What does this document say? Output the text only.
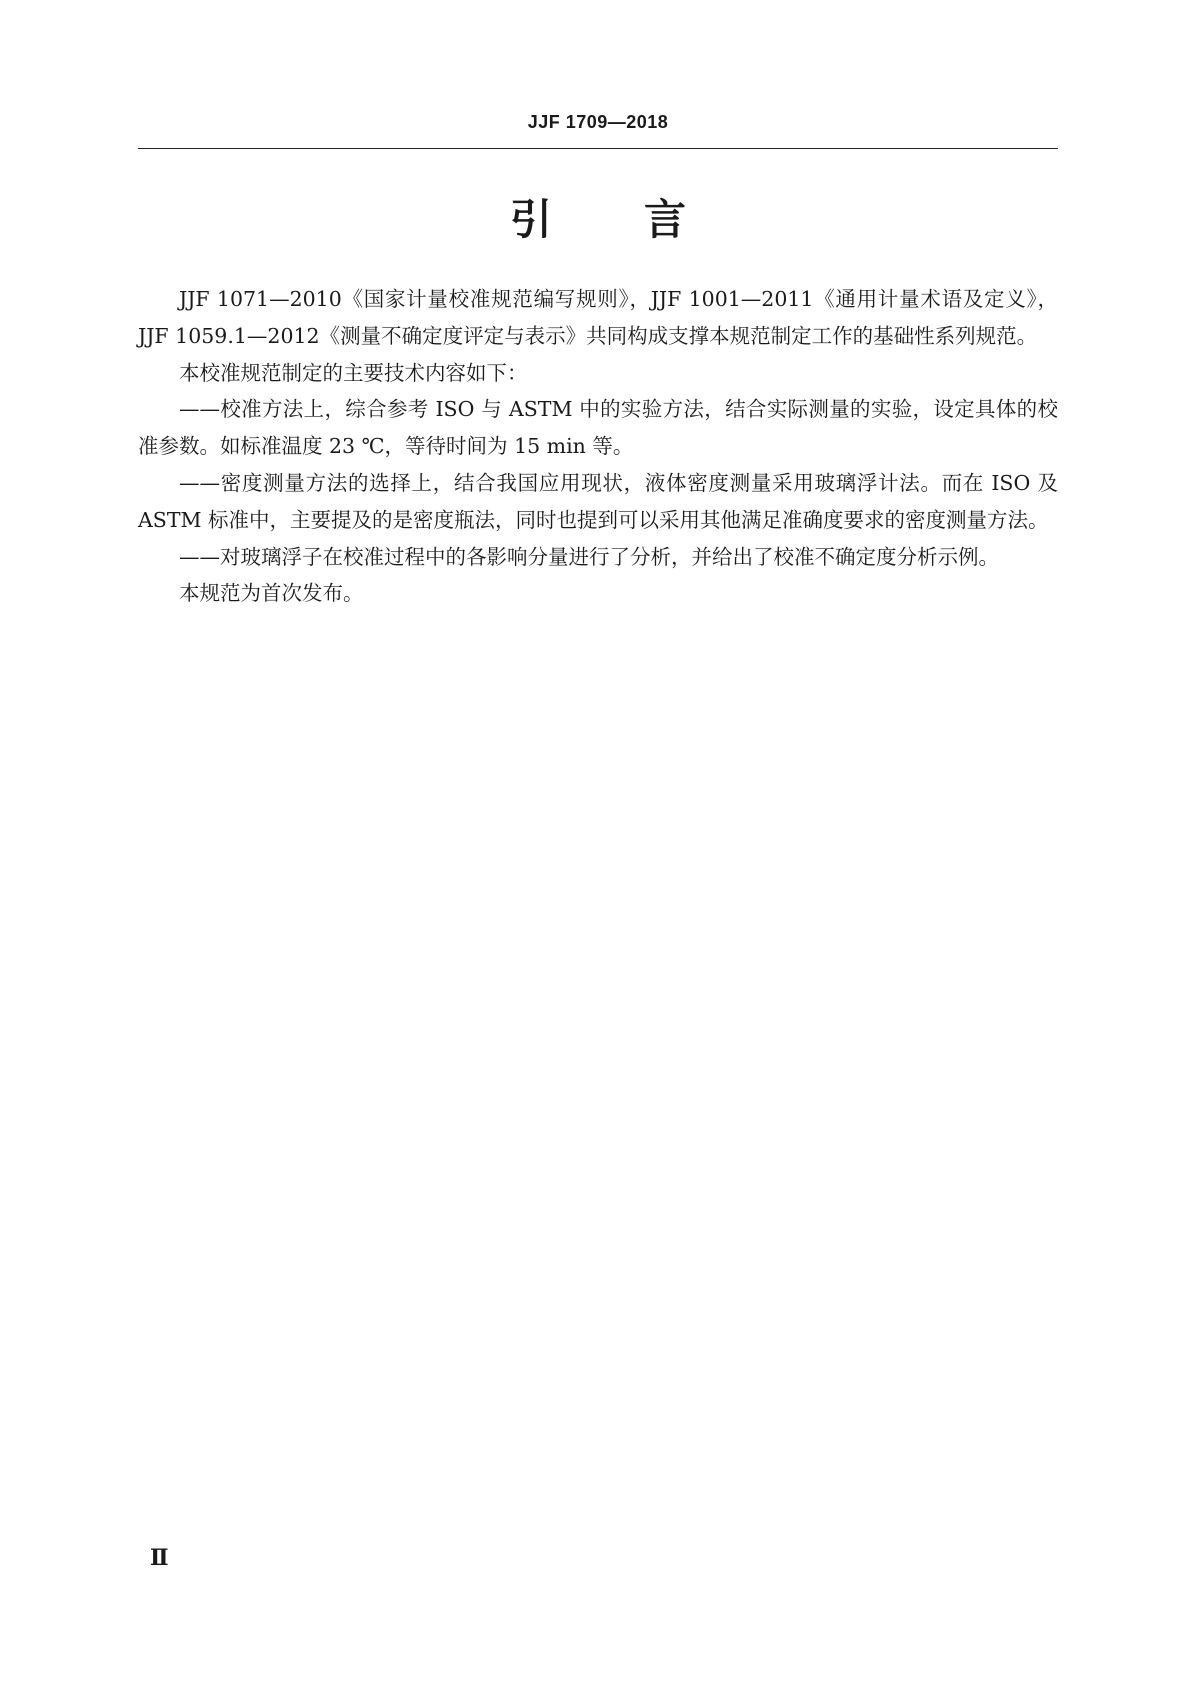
JJF 1709—2018
引 言

JJF 1071—2010《国家计量校准规范编写规则》，JJF 1001—2011《通用计量术语及定义》，JJF 1059.1—2012《测量不确定度评定与表示》共同构成支撑本规范制定工作的基础性系列规范。

本校准规范制定的主要技术内容如下：

——校准方法上，综合参考 ISO 与 ASTM 中的实验方法，结合实际测量的实验，设定具体的校准参数。如标准温度 23 ℃，等待时间为 15 min 等。

——密度测量方法的选择上，结合我国应用现状，液体密度测量采用玻璃浮计法。而在 ISO 及 ASTM 标准中，主要提及的是密度瓶法，同时也提到可以采用其他满足准确度要求的密度测量方法。

——对玻璃浮子在校准过程中的各影响分量进行了分析，并给出了校准不确定度分析示例。

本规范为首次发布。

Ⅱ
